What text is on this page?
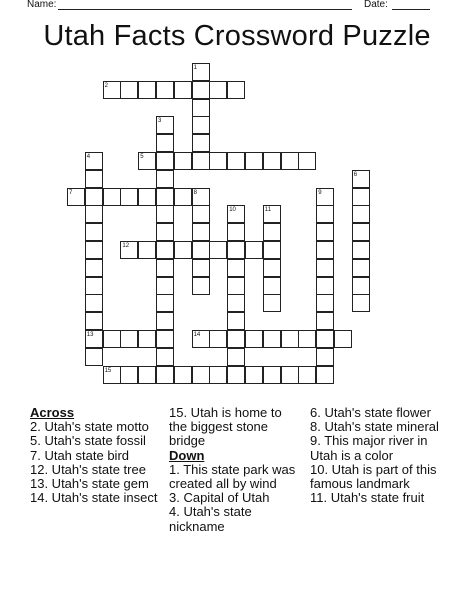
Name:	Date:
Utah Facts Crossword Puzzle
1
2
3
4
13
5
6
7	8	9
10	11
12
14
15
Across
2. Utah's state motto
5. Utah's state fossil
7. Utah state bird
12. Utah's state tree
13. Utah's state gem
14. Utah's state insect
15. Utah is home to the biggest stone bridge
Down
1. This state park was created all by wind
3. Capital of Utah
4. Utah's state nickname
6. Utah's state flower
8. Utah's state mineral
9. This major river in Utah is a color
10. Utah is part of this famous landmark
11. Utah's state fruit
